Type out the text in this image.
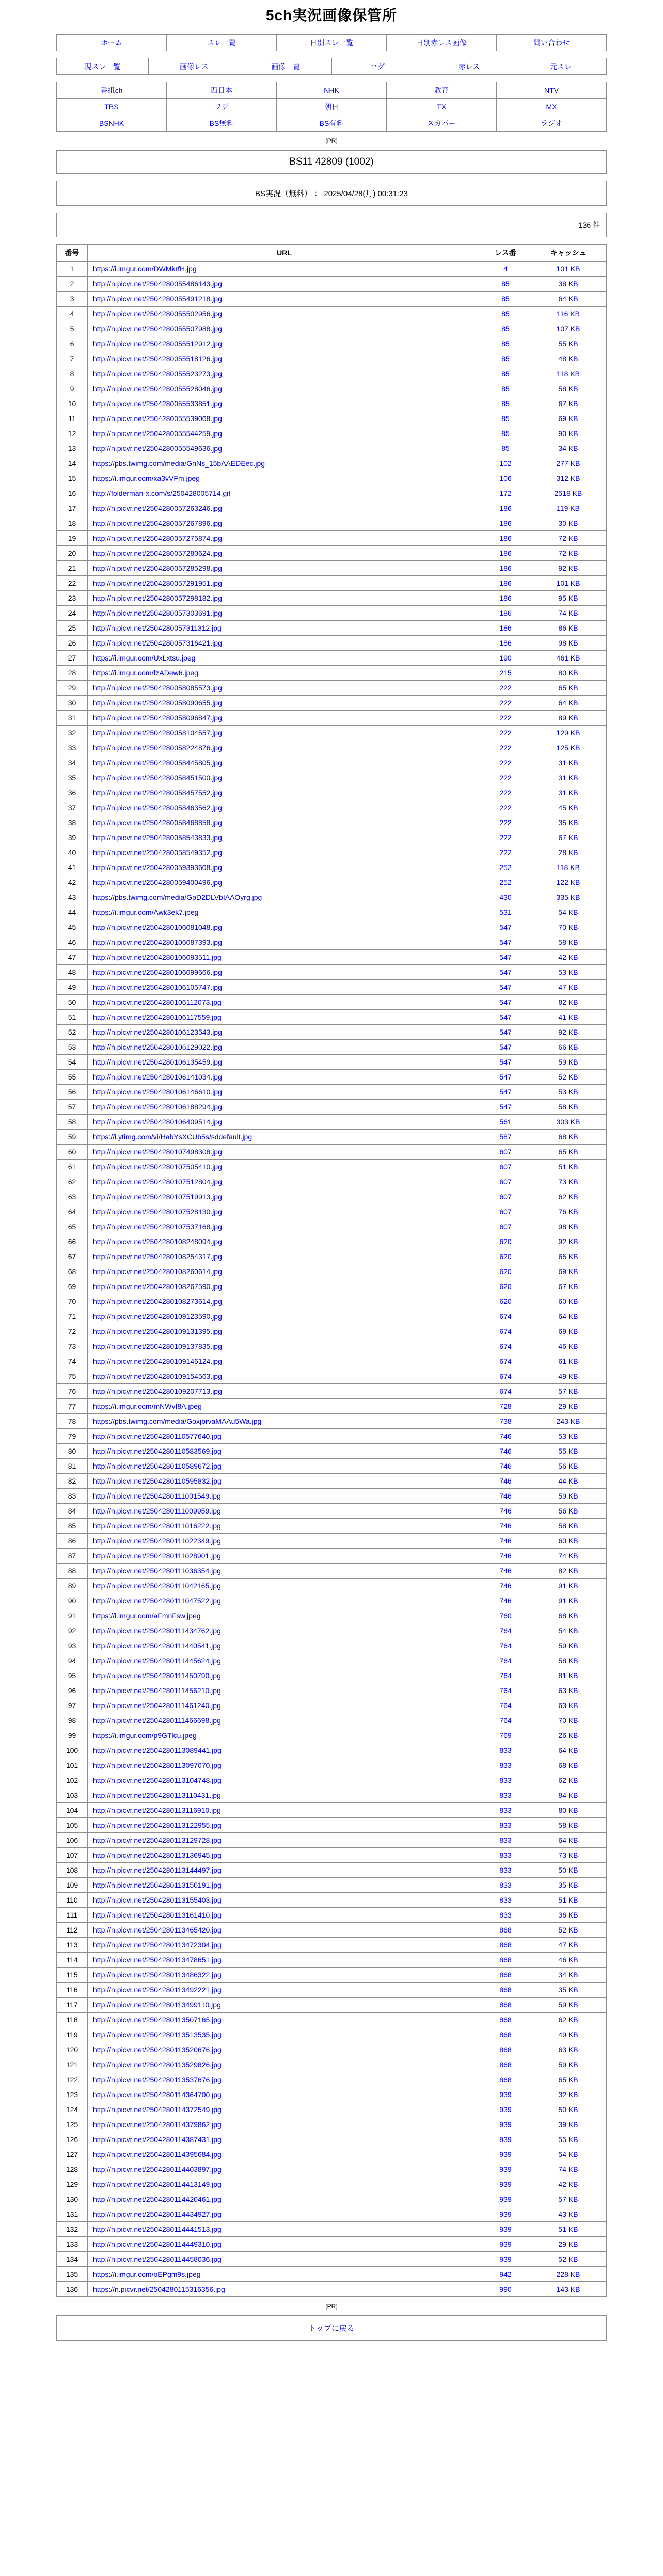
5ch実況画像保管所
ホーム	スレ一覧	日別スレ一覧	日別赤レス画像	問い合わせ
現スレ一覧	画像レス	画像一覧	ログ	赤レス	元スレ
番組ch	西日本	NHK	教育	NTV
TBS	フジ	朝日	TX	MX
BSNHK	BS無料	BS有料	スカパー	ラジオ
[PR]
BS11 42809 (1002)
BS実況（無料） ： 2025/04/28(月) 00:31:23
136 件
番号	URL	レス番	キャッシュ
1	https://i.imgur.com/DWMkrfH.jpg	4	101 KB
2	http://n.picvr.net/2504280055486143.jpg	85	38 KB
3	http://n.picvr.net/2504280055491218.jpg	85	64 KB
4	http://n.picvr.net/2504280055502956.jpg	85	116 KB
5	http://n.picvr.net/2504280055507988.jpg	85	107 KB
6	http://n.picvr.net/2504280055512912.jpg	85	55 KB
7	http://n.picvr.net/2504280055518126.jpg	85	48 KB
8	http://n.picvr.net/2504280055523273.jpg	85	118 KB
9	http://n.picvr.net/2504280055528046.jpg	85	58 KB
10	http://n.picvr.net/2504280055533851.jpg	85	67 KB
11	http://n.picvr.net/2504280055539068.jpg	85	69 KB
12	http://n.picvr.net/2504280055544259.jpg	85	90 KB
13	http://n.picvr.net/2504280055549636.jpg	85	34 KB
14	https://pbs.twimg.com/media/GnNs_15bAAEDEec.jpg	102	277 KB
15	https://i.imgur.com/xa3vVFm.jpeg	106	312 KB
16	http://folderman-x.com/s/250428005714.gif	172	2518 KB
17	http://n.picvr.net/2504280057263246.jpg	186	119 KB
18	http://n.picvr.net/2504280057267896.jpg	186	30 KB
19	http://n.picvr.net/2504280057275874.jpg	186	72 KB
20	http://n.picvr.net/2504280057280624.jpg	186	72 KB
21	http://n.picvr.net/2504280057285298.jpg	186	92 KB
22	http://n.picvr.net/2504280057291951.jpg	186	101 KB
23	http://n.picvr.net/2504280057298182.jpg	186	95 KB
24	http://n.picvr.net/2504280057303691.jpg	186	74 KB
25	http://n.picvr.net/2504280057311312.jpg	186	86 KB
26	http://n.picvr.net/2504280057316421.jpg	186	98 KB
27	https://i.imgur.com/UxLxtsu.jpeg	190	461 KB
28	https://i.imgur.com/fzADew6.jpeg	215	80 KB
29	http://n.picvr.net/2504280058085573.jpg	222	65 KB
30	http://n.picvr.net/2504280058090655.jpg	222	64 KB
31	http://n.picvr.net/2504280058096847.jpg	222	89 KB
32	http://n.picvr.net/2504280058104557.jpg	222	129 KB
33	http://n.picvr.net/2504280058224876.jpg	222	125 KB
34	http://n.picvr.net/2504280058445805.jpg	222	31 KB
35	http://n.picvr.net/2504280058451500.jpg	222	31 KB
36	http://n.picvr.net/2504280058457552.jpg	222	31 KB
37	http://n.picvr.net/2504280058463562.jpg	222	45 KB
38	http://n.picvr.net/2504280058468858.jpg	222	35 KB
39	http://n.picvr.net/2504280058543833.jpg	222	67 KB
40	http://n.picvr.net/2504280058549352.jpg	222	28 KB
41	http://n.picvr.net/2504280059393608.jpg	252	118 KB
42	http://n.picvr.net/2504280059400496.jpg	252	122 KB
43	https://pbs.twimg.com/media/GpD2DLVbIAAOyrg.jpg	430	335 KB
44	https://i.imgur.com/Awk3ek7.jpeg	531	54 KB
45	http://n.picvr.net/2504280106081048.jpg	547	70 KB
46	http://n.picvr.net/2504280106087393.jpg	547	58 KB
47	http://n.picvr.net/2504280106093511.jpg	547	42 KB
48	http://n.picvr.net/2504280106099666.jpg	547	53 KB
49	http://n.picvr.net/2504280106105747.jpg	547	47 KB
50	http://n.picvr.net/2504280106112073.jpg	547	82 KB
51	http://n.picvr.net/2504280106117559.jpg	547	41 KB
52	http://n.picvr.net/2504280106123543.jpg	547	92 KB
53	http://n.picvr.net/2504280106129022.jpg	547	66 KB
54	http://n.picvr.net/2504280106135459.jpg	547	59 KB
55	http://n.picvr.net/2504280106141034.jpg	547	52 KB
56	http://n.picvr.net/2504280106146610.jpg	547	53 KB
57	http://n.picvr.net/2504280106188294.jpg	547	58 KB
58	http://n.picvr.net/2504280106409514.jpg	561	303 KB
59	https://i.ytimg.com/vi/HabYsXCUb5s/sddefault.jpg	587	68 KB
60	http://n.picvr.net/2504280107498308.jpg	607	65 KB
61	http://n.picvr.net/2504280107505410.jpg	607	51 KB
62	http://n.picvr.net/2504280107512804.jpg	607	73 KB
63	http://n.picvr.net/2504280107519913.jpg	607	62 KB
64	http://n.picvr.net/2504280107528130.jpg	607	76 KB
65	http://n.picvr.net/2504280107537168.jpg	607	98 KB
66	http://n.picvr.net/2504280108248094.jpg	620	92 KB
67	http://n.picvr.net/2504280108254317.jpg	620	65 KB
68	http://n.picvr.net/2504280108260614.jpg	620	69 KB
69	http://n.picvr.net/2504280108267590.jpg	620	67 KB
70	http://n.picvr.net/2504280108273614.jpg	620	60 KB
71	http://n.picvr.net/2504280109123590.jpg	674	64 KB
72	http://n.picvr.net/2504280109131395.jpg	674	69 KB
73	http://n.picvr.net/2504280109137835.jpg	674	46 KB
74	http://n.picvr.net/2504280109146124.jpg	674	61 KB
75	http://n.picvr.net/2504280109154563.jpg	674	49 KB
76	http://n.picvr.net/2504280109207713.jpg	674	57 KB
77	https://i.imgur.com/mNWvI8A.jpeg	728	29 KB
78	https://pbs.twimg.com/media/GoxjbrvaMAAu5Wa.jpg	738	243 KB
79	http://n.picvr.net/2504280110577640.jpg	746	53 KB
80	http://n.picvr.net/2504280110583569.jpg	746	55 KB
81	http://n.picvr.net/2504280110589672.jpg	746	56 KB
82	http://n.picvr.net/2504280110595832.jpg	746	44 KB
83	http://n.picvr.net/2504280111001549.jpg	746	59 KB
84	http://n.picvr.net/2504280111009959.jpg	746	56 KB
85	http://n.picvr.net/2504280111016222.jpg	746	58 KB
86	http://n.picvr.net/2504280111022349.jpg	746	60 KB
87	http://n.picvr.net/2504280111028901.jpg	746	74 KB
88	http://n.picvr.net/2504280111036354.jpg	746	82 KB
89	http://n.picvr.net/2504280111042165.jpg	746	91 KB
90	http://n.picvr.net/2504280111047522.jpg	746	91 KB
91	https://i.imgur.com/aFmnFsw.jpeg	760	68 KB
92	http://n.picvr.net/2504280111434762.jpg	764	54 KB
93	http://n.picvr.net/2504280111440541.jpg	764	59 KB
94	http://n.picvr.net/2504280111445624.jpg	764	58 KB
95	http://n.picvr.net/2504280111450790.jpg	764	81 KB
96	http://n.picvr.net/2504280111456210.jpg	764	63 KB
97	http://n.picvr.net/2504280111461240.jpg	764	63 KB
98	http://n.picvr.net/2504280111466698.jpg	764	70 KB
99	https://i.imgur.com/p9GTlcu.jpeg	769	26 KB
100	http://n.picvr.net/2504280113089441.jpg	833	64 KB
101	http://n.picvr.net/2504280113097070.jpg	833	68 KB
102	http://n.picvr.net/2504280113104748.jpg	833	62 KB
103	http://n.picvr.net/2504280113110431.jpg	833	84 KB
104	http://n.picvr.net/2504280113116910.jpg	833	80 KB
105	http://n.picvr.net/2504280113122955.jpg	833	58 KB
106	http://n.picvr.net/2504280113129728.jpg	833	64 KB
107	http://n.picvr.net/2504280113136945.jpg	833	73 KB
108	http://n.picvr.net/2504280113144497.jpg	833	50 KB
109	http://n.picvr.net/2504280113150191.jpg	833	35 KB
110	http://n.picvr.net/2504280113155403.jpg	833	51 KB
111	http://n.picvr.net/2504280113161410.jpg	833	36 KB
112	http://n.picvr.net/2504280113465420.jpg	868	52 KB
113	http://n.picvr.net/2504280113472304.jpg	868	47 KB
114	http://n.picvr.net/2504280113478651.jpg	868	46 KB
115	http://n.picvr.net/2504280113486322.jpg	868	34 KB
116	http://n.picvr.net/2504280113492221.jpg	868	35 KB
117	http://n.picvr.net/2504280113499110.jpg	868	59 KB
118	http://n.picvr.net/2504280113507165.jpg	868	62 KB
119	http://n.picvr.net/2504280113513535.jpg	868	49 KB
120	http://n.picvr.net/2504280113520676.jpg	868	63 KB
121	http://n.picvr.net/2504280113529826.jpg	868	59 KB
122	http://n.picvr.net/2504280113537676.jpg	868	65 KB
123	http://n.picvr.net/2504280114364700.jpg	939	32 KB
124	http://n.picvr.net/2504280114372549.jpg	939	50 KB
125	http://n.picvr.net/2504280114379862.jpg	939	39 KB
126	http://n.picvr.net/2504280114387431.jpg	939	55 KB
127	http://n.picvr.net/2504280114395684.jpg	939	54 KB
128	http://n.picvr.net/2504280114403897.jpg	939	74 KB
129	http://n.picvr.net/2504280114413149.jpg	939	42 KB
130	http://n.picvr.net/2504280114420461.jpg	939	57 KB
131	http://n.picvr.net/2504280114434927.jpg	939	43 KB
132	http://n.picvr.net/2504280114441513.jpg	939	51 KB
133	http://n.picvr.net/2504280114449310.jpg	939	29 KB
134	http://n.picvr.net/2504280114458036.jpg	939	52 KB
135	https://i.imgur.com/oEPgm9s.jpeg	942	228 KB
136	https://n.picvr.net/2504280115316356.jpg	990	143 KB
[PR]
トップに戻る
